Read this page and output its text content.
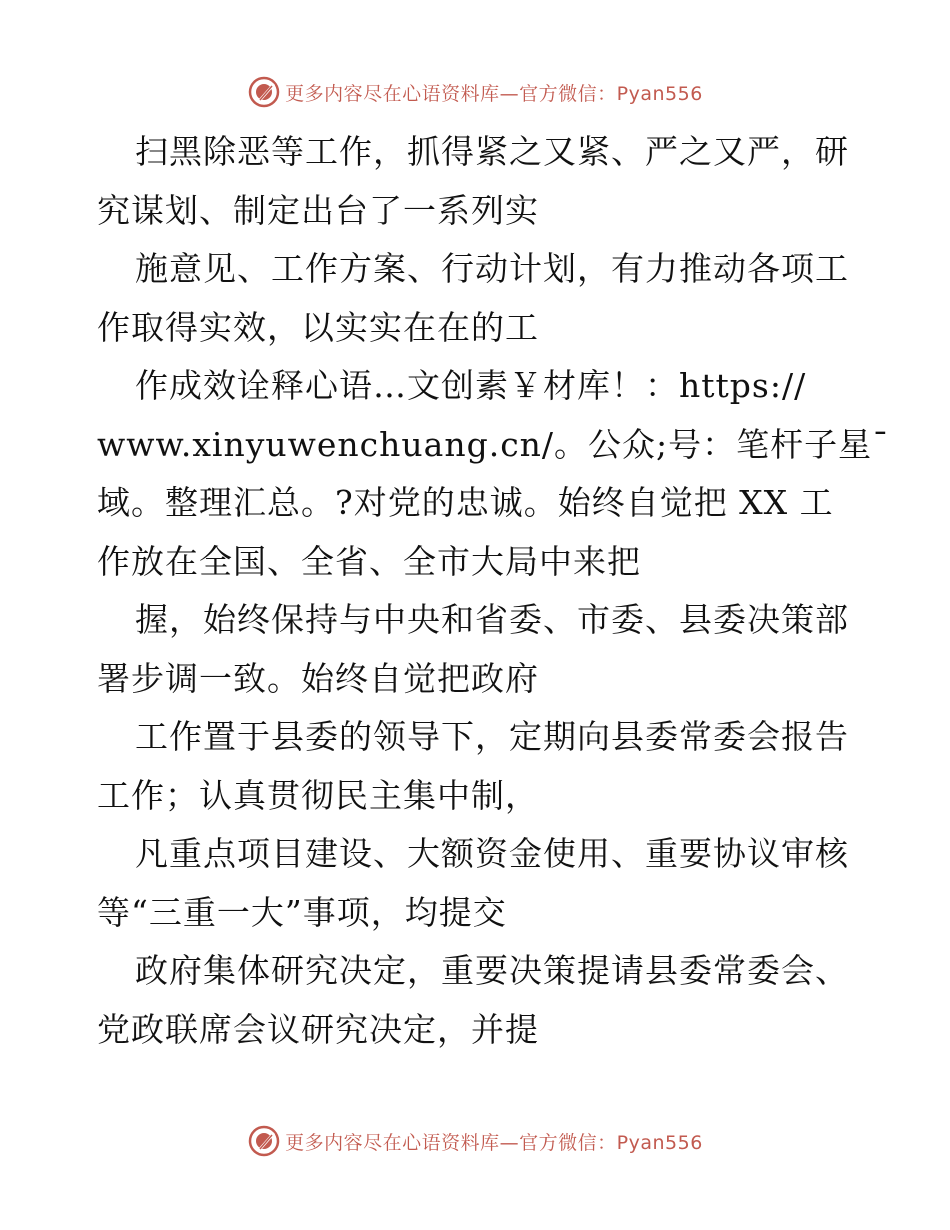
更多内容尽在心语资料库—官方微信：Pyan556
扫黑除恶等工作，抓得紧之又紧、严之又严，研
究谋划、制定出台了一系列实
施意见、工作方案、行动计划，有力推动各项工
作取得实效，以实实在在的工
作成效诠释心语…文创素￥材库！：https://
www.xinyuwenchuang.cn/。公众;号：笔杆子星¯
域。整理汇总。?对党的忠诚。始终自觉把 XX 工
作放在全国、全省、全市大局中来把
握，始终保持与中央和省委、市委、县委决策部
署步调一致。始终自觉把政府
工作置于县委的领导下，定期向县委常委会报告
工作；认真贯彻民主集中制，
凡重点项目建设、大额资金使用、重要协议审核
等“三重一大”事项，均提交
政府集体研究决定，重要决策提请县委常委会、
党政联席会议研究决定，并提
更多内容尽在心语资料库—官方微信：Pyan556
